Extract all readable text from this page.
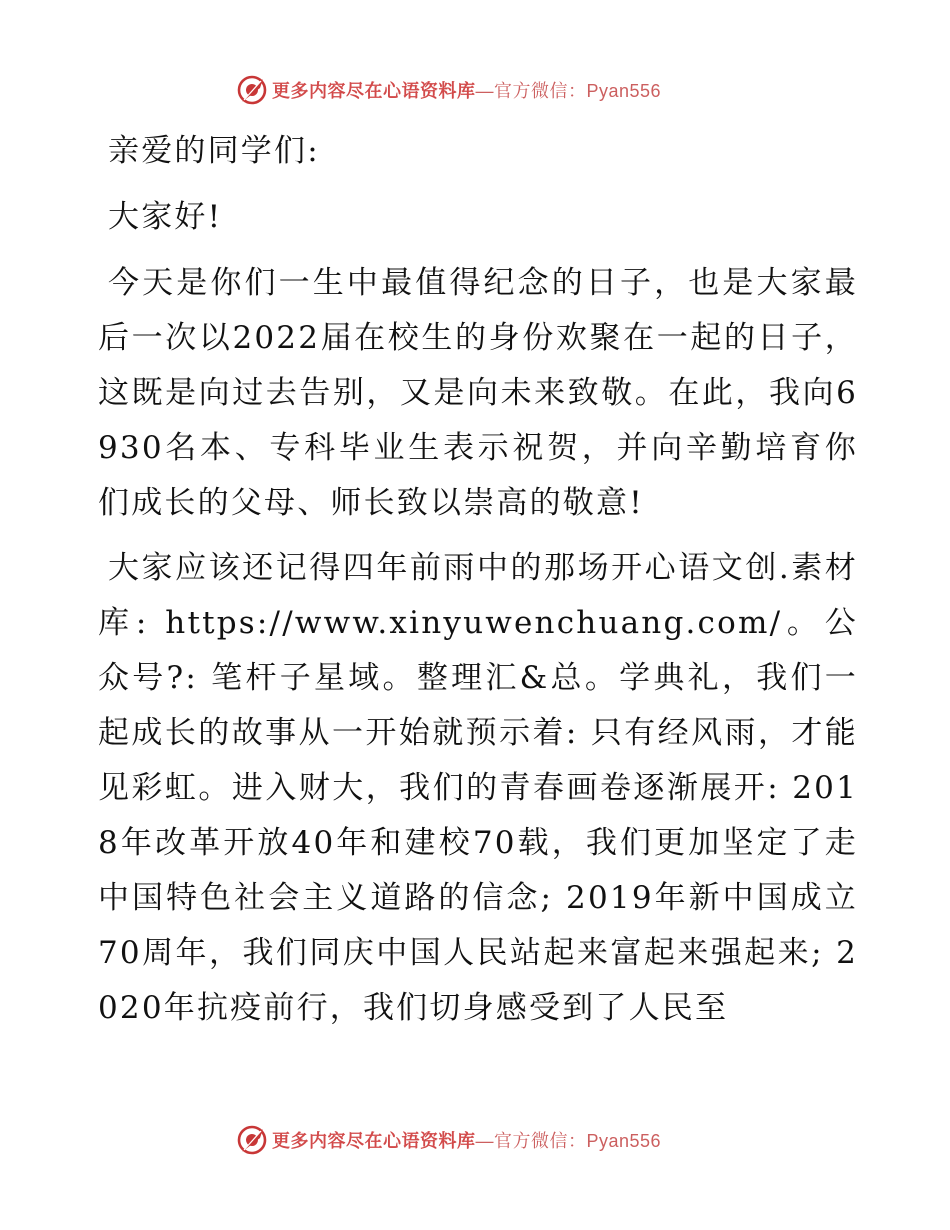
更多内容尽在心语资料库 —官方微信：Pyan556

亲爱的同学们:

大家好!

今天是你们一生中最值得纪念的日子，也是大家最后一次以2022届在校生的身份欢聚在一起的日子，这既是向过去告别，又是向未来致敬。在此，我向6930名本、专科毕业生表示祝贺，并向辛勤培育你们成长的父母、师长致以崇高的敬意!

大家应该还记得四年前雨中的那场开心语文创.素材库: https://www.xinyuwenchuang.com/。公众号?: 笔杆子星域。整理汇&总。学典礼，我们一起成长的故事从一开始就预示着: 只有经风雨，才能见彩虹。进入财大，我们的青春画卷逐渐展开: 2018年改革开放40年和建校70载，我们更加坚定了走中国特色社会主义道路的信念; 2019年新中国成立70周年，我们同庆中国人民站起来富起来强起来; 2020年抗疫前行，我们切身感受到了人民至

更多内容尽在心语资料库 —官方微信：Pyan556
